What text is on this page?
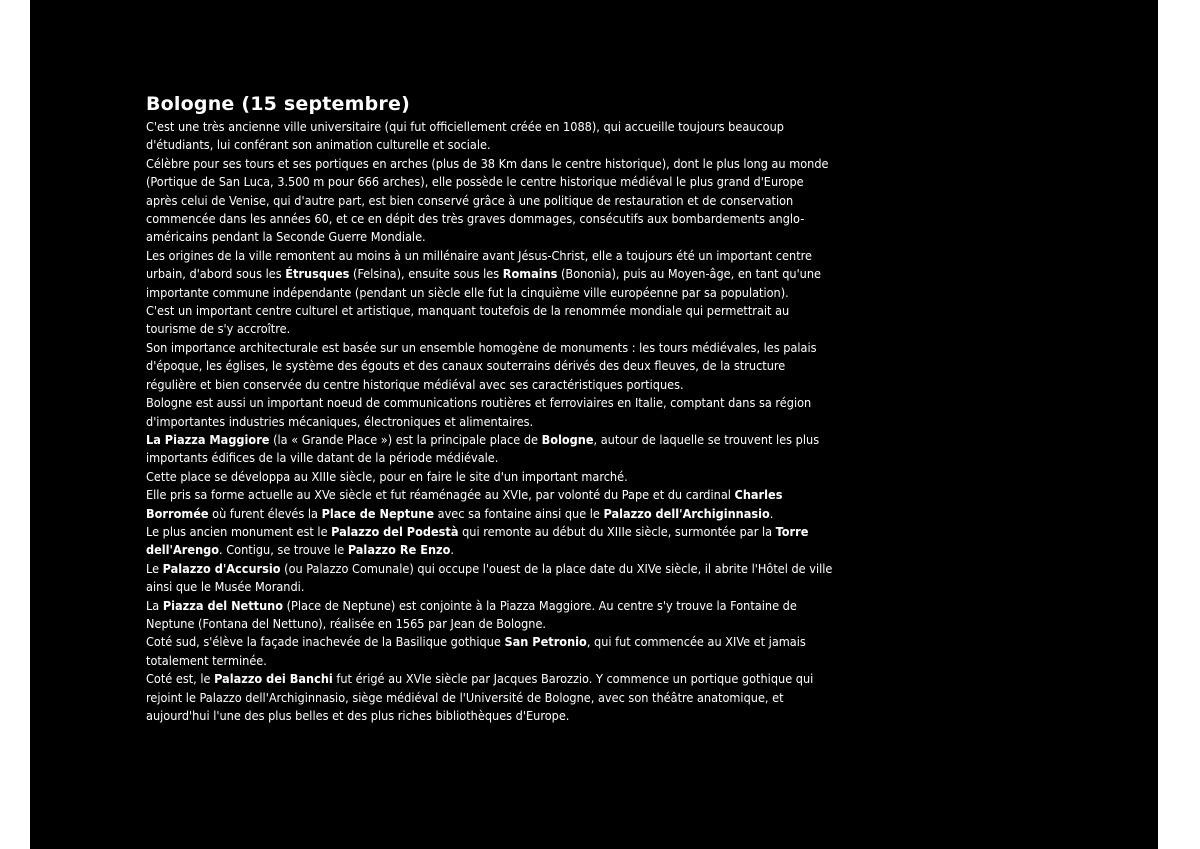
Bologne (15 septembre)

C'est une très ancienne ville universitaire (qui fut officiellement créée en 1088), qui accueille toujours beaucoup d'étudiants, lui conférant son animation culturelle et sociale.

Célèbre pour ses tours et ses portiques en arches (plus de 38 Km dans le centre historique), dont le plus long au monde (Portique de San Luca, 3.500 m pour 666 arches), elle possède le centre historique médiéval le plus grand d'Europe après celui de Venise, qui d'autre part, est bien conservé grâce à une politique de restauration et de conservation commencée dans les années 60, et ce en dépit des très graves dommages, consécutifs aux bombardements anglo-américains pendant la Seconde Guerre Mondiale.

Les origines de la ville remontent au moins à un millénaire avant Jésus-Christ, elle a toujours été un important centre urbain, d'abord sous les Étrusques (Felsina), ensuite sous les Romains (Bononia), puis au Moyen-âge, en tant qu'une importante commune indépendante (pendant un siècle elle fut la cinquième ville européenne par sa population).

C'est un important centre culturel et artistique, manquant toutefois de la renommée mondiale qui permettrait au tourisme de s'y accroître.

Son importance architecturale est basée sur un ensemble homogène de monuments : les tours médiévales, les palais d'époque, les églises, le système des égouts et des canaux souterrains dérivés des deux fleuves, de la structure régulière et bien conservée du centre historique médiéval avec ses caractéristiques portiques.

Bologne est aussi un important noeud de communications routières et ferroviaires en Italie, comptant dans sa région d'importantes industries mécaniques, électroniques et alimentaires.

La Piazza Maggiore (la « Grande Place ») est la principale place de Bologne, autour de laquelle se trouvent les plus importants édifices de la ville datant de la période médiévale.

Cette place se développa au XIIIe siècle, pour en faire le site d'un important marché.

Elle pris sa forme actuelle au XVe siècle et fut réaménagée au XVIe, par volonté du Pape et du cardinal Charles Borromée où furent élevés la Place de Neptune avec sa fontaine ainsi que le Palazzo dell'Archiginnasio.

Le plus ancien monument est le Palazzo del Podestà qui remonte au début du XIIIe siècle, surmontée par la Torre dell'Arengo. Contigu, se trouve le Palazzo Re Enzo.

Le Palazzo d'Accursio (ou Palazzo Comunale) qui occupe l'ouest de la place date du XIVe siècle, il abrite l'Hôtel de ville ainsi que le Musée Morandi.

La Piazza del Nettuno (Place de Neptune) est conjointe à la Piazza Maggiore. Au centre s'y trouve la Fontaine de Neptune (Fontana del Nettuno), réalisée en 1565 par Jean de Bologne.

Coté sud, s'élève la façade inachevée de la Basilique gothique San Petronio, qui fut commencée au XIVe et jamais totalement terminée.

Coté est, le Palazzo dei Banchi fut érigé au XVIe siècle par Jacques Barozzio. Y commence un portique gothique qui rejoint le Palazzo dell'Archiginnasio, siège médiéval de l'Université de Bologne, avec son théâtre anatomique, et aujourd'hui l'une des plus belles et des plus riches bibliothèques d'Europe.
